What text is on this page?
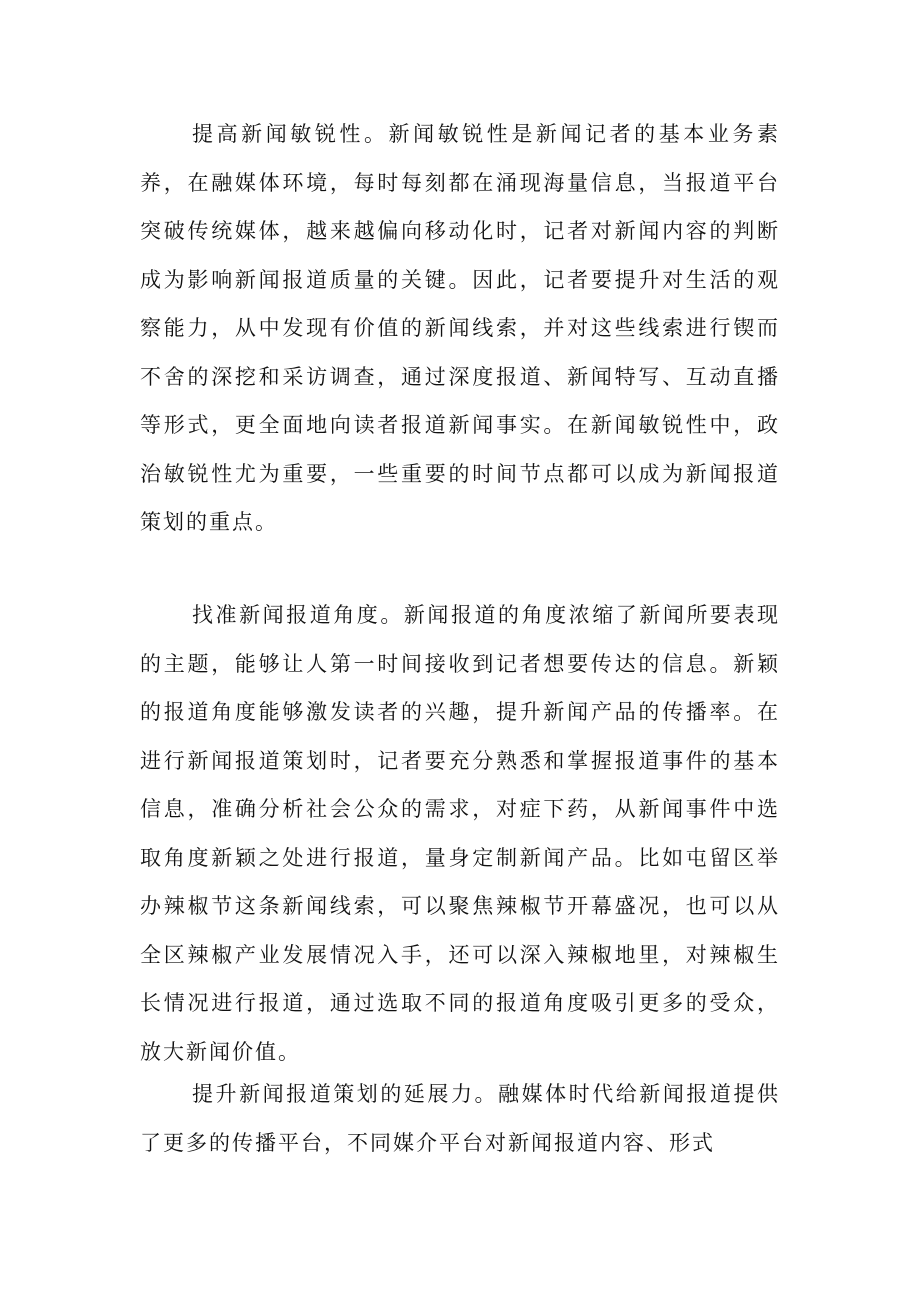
提高新闻敏锐性。新闻敏锐性是新闻记者的基本业务素养，在融媒体环境，每时每刻都在涌现海量信息，当报道平台突破传统媒体，越来越偏向移动化时，记者对新闻内容的判断成为影响新闻报道质量的关键。因此，记者要提升对生活的观察能力，从中发现有价值的新闻线索，并对这些线索进行锲而不舍的深挖和采访调查，通过深度报道、新闻特写、互动直播等形式，更全面地向读者报道新闻事实。在新闻敏锐性中，政治敏锐性尤为重要，一些重要的时间节点都可以成为新闻报道策划的重点。

找准新闻报道角度。新闻报道的角度浓缩了新闻所要表现的主题，能够让人第一时间接收到记者想要传达的信息。新颖的报道角度能够激发读者的兴趣，提升新闻产品的传播率。在进行新闻报道策划时，记者要充分熟悉和掌握报道事件的基本信息，准确分析社会公众的需求，对症下药，从新闻事件中选取角度新颖之处进行报道，量身定制新闻产品。比如屯留区举办辣椒节这条新闻线索，可以聚焦辣椒节开幕盛况，也可以从全区辣椒产业发展情况入手，还可以深入辣椒地里，对辣椒生长情况进行报道，通过选取不同的报道角度吸引更多的受众，放大新闻价值。

提升新闻报道策划的延展力。融媒体时代给新闻报道提供了更多的传播平台，不同媒介平台对新闻报道内容、形式
